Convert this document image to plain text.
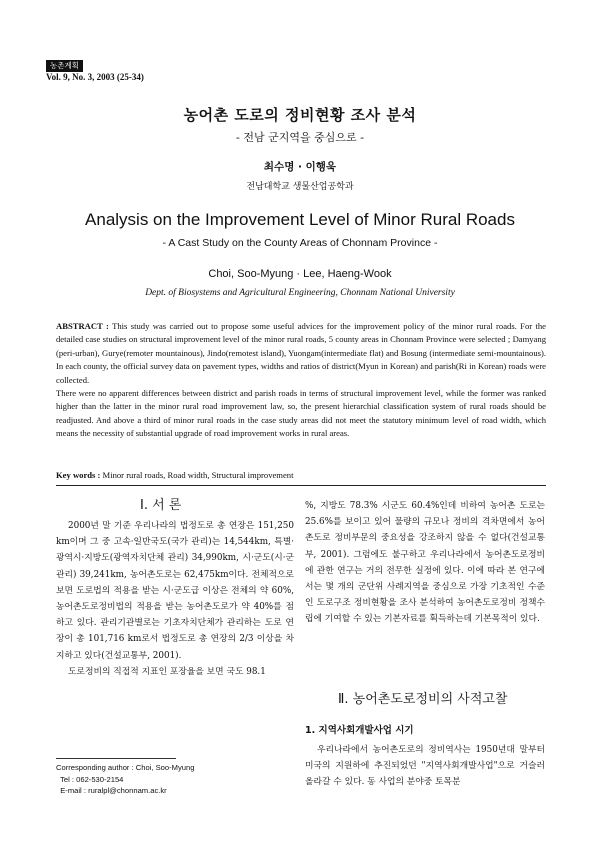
농촌계획
Vol. 9, No. 3, 2003 (25-34)
농어촌 도로의 정비현황 조사 분석
- 전남 군지역을 중심으로 -
최수명 · 이행욱
전남대학교 생물산업공학과
Analysis on the Improvement Level of Minor Rural Roads
- A Cast Study on the County Areas of Chonnam Province -
Choi, Soo-Myung · Lee, Haeng-Wook
Dept. of Biosystems and Agricultural Engineering, Chonnam National University

ABSTRACT : This study was carried out to propose some useful advices for the improvement policy of the minor rural roads. For the detailed case studies on structural improvement level of the minor rural roads, 5 county areas in Chonnam Province were selected ; Damyang (peri-urban), Gurye(remoter mountainous), Jindo(remotest island), Yuongam(intermediate flat) and Bosung (intermediate semi-mountainous). In each county, the official survey data on pavement types, widths and ratios of district(Myun in Korean) and parish(Ri in Korean) roads were collected.

There were no apparent differences between district and parish roads in terms of structural improvement level, while the former was ranked higher than the latter in the minor rural road improvement law, so, the present hierarchial classification system of rural roads should be readjusted. And above a third of minor rural roads in the case study areas did not meet the statutory minimum level of road width, which means the necessity of substantial upgrade of road improvement works in rural areas.

Key words : Minor rural roads, Road width, Structural improvement
Ⅰ. 서 론

2000년 말 기준 우리나라의 법정도로 총 연장은 151,250 km이며 그 중 고속·일반국도(국가 관리)는 14,544km, 특별·광역시·지방도(광역자치단체 관리) 34,990km, 시·군도(시·군 관리) 39,241km, 농어촌도로는 62,475km이다. 전체적으로 보면 도로법의 적용을 받는 시·군도급 이상은 전체의 약 60%, 농어촌도로정비법의 적용을 받는 농어촌도로가 약 40%를 점하고 있다. 관리기관별로는 기초자치단체가 관리하는 도로 연장이 총 101,716 km로서 법정도로 총 연장의 2/3 이상을 차지하고 있다(건설교통부, 2001).

도로정비의 직접적 지표인 포장율을 보면 국도 98.1

%, 지방도 78.3% 시군도 60.4%인데 비하여 농어촌 도로는 25.6%를 보이고 있어 물량의 규모나 정비의 격차면에서 농어촌도로 정비부문의 중요성을 강조하지 않을 수 없다(건설교통부, 2001). 그럼에도 불구하고 우리나라에서 농어촌도로정비에 관한 연구는 거의 전무한 실정에 있다. 이에 따라 본 연구에서는 몇 개의 군단위 사례지역을 중심으로 가장 기초적인 수준인 도로구조 정비현황을 조사 분석하여 농어촌도로정비 정책수립에 기여할 수 있는 기본자료를 획득하는데 기본목적이 있다.

Ⅱ. 농어촌도로정비의 사적고찰
1. 지역사회개발사업 시기

우리나라에서 농어촌도로의 정비역사는 1950년대 말부터 미국의 지원하에 추진되었던 "지역사회개발사업"으로 거슬러 올라갈 수 있다. 동 사업의 분야중 토목분

Corresponding author : Choi, Soo-Myung
Tel : 062-530-2154
E-mail : ruralpl@chonnam.ac.kr
